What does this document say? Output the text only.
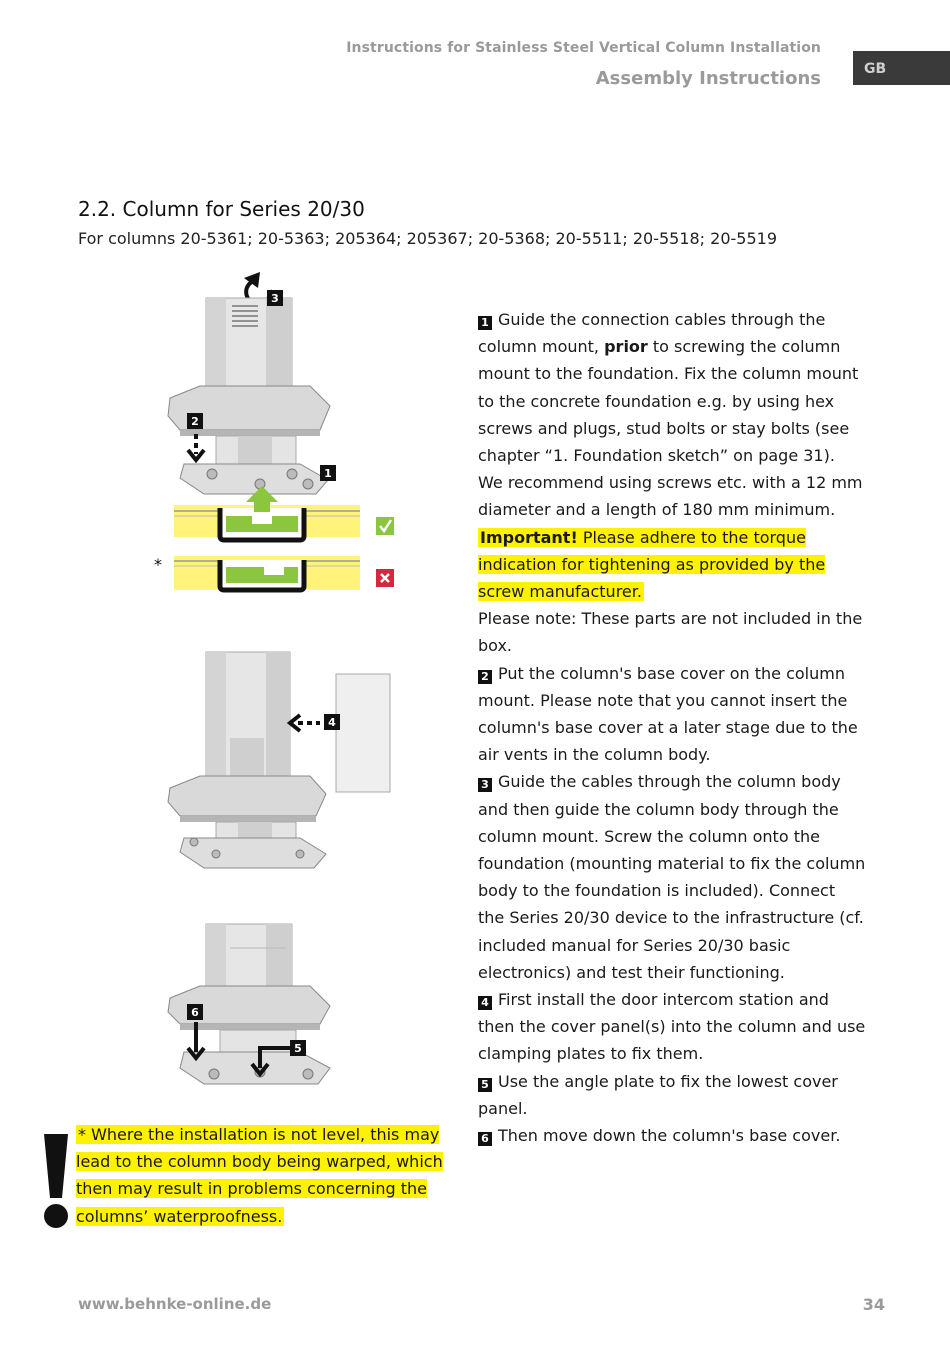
Instructions for Stainless Steel Vertical Column Installation
Assembly Instructions	GB
2.2. Column for Series 20/30
For columns 20-5361; 20-5363; 205364; 205367; 20-5368; 20-5511; 20-5518; 20-5519
3
2
1
*
4
6
5

1 Guide the connection cables through the column mount, prior to screwing the column mount to the foundation. Fix the column mount to the concrete foundation e.g. by using hex screws and plugs, stud bolts or stay bolts (see chapter “1. Foundation sketch” on page 31).

We recommend using screws etc. with a 12 mm diameter and a length of 180 mm minimum.

Important! Please adhere to the torque indication for tightening as provided by the screw manufacturer.

Please note: These parts are not included in the box.

2 Put the column's base cover on the column mount. Please note that you cannot insert the column's base cover at a later stage due to the air vents in the column body.

3 Guide the cables through the column body and then guide the column body through the column mount. Screw the column onto the foundation (mounting material to fix the column body to the foundation is included). Connect the Series 20/30 device to the infrastructure (cf. included manual for Series 20/30 basic electronics) and test their functioning.

4 First install the door intercom station and then the cover panel(s) into the column and use clamping plates to fix them.

5 Use the angle plate to fix the lowest cover panel.

6 Then move down the column's base cover.

* Where the installation is not level, this may lead to the column body being warped, which then may result in problems concerning the columns’ waterproofness.
www.behnke-online.de	34
